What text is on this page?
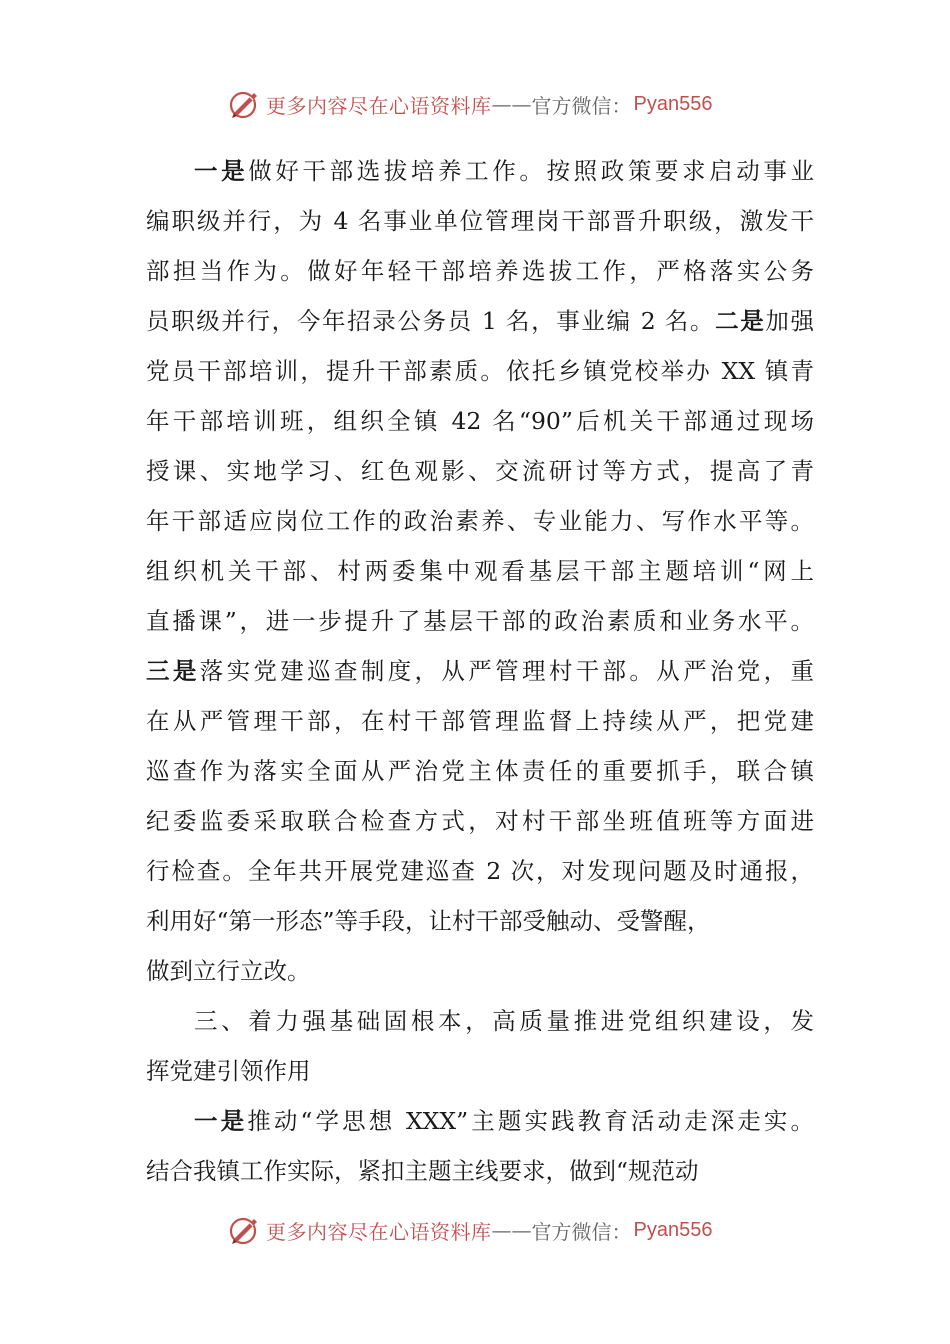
更多内容尽在心语资料库 —— 官方微信： Pyan556
一是做好干部选拔培养工作。按照政策要求启动事业
编职级并行，为 4 名事业单位管理岗干部晋升职级，激发干
部担当作为。做好年轻干部培养选拔工作，严格落实公务
员职级并行，今年招录公务员 1 名，事业编 2 名。二是加强
党员干部培训，提升干部素质。依托乡镇党校举办 XX 镇青
年干部培训班，组织全镇 42 名“90”后机关干部通过现场
授课、实地学习、红色观影、交流研讨等方式，提高了青
年干部适应岗位工作的政治素养、专业能力、写作水平等。
组织机关干部、村两委集中观看基层干部主题培训“网上
直播课”，进一步提升了基层干部的政治素质和业务水平。
三是落实党建巡查制度，从严管理村干部。从严治党，重
在从严管理干部，在村干部管理监督上持续从严，把党建
巡查作为落实全面从严治党主体责任的重要抓手，联合镇
纪委监委采取联合检查方式，对村干部坐班值班等方面进
行检查。全年共开展党建巡查 2 次，对发现问题及时通报，
利用好“第一形态”等手段，让村干部受触动、受警醒，
做到立行立改。
三、着力强基础固根本，高质量推进党组织建设，发
挥党建引领作用
一是推动“学思想 XXX”主题实践教育活动走深走实。
结合我镇工作实际，紧扣主题主线要求，做到“规范动
更多内容尽在心语资料库 —— 官方微信： Pyan556
